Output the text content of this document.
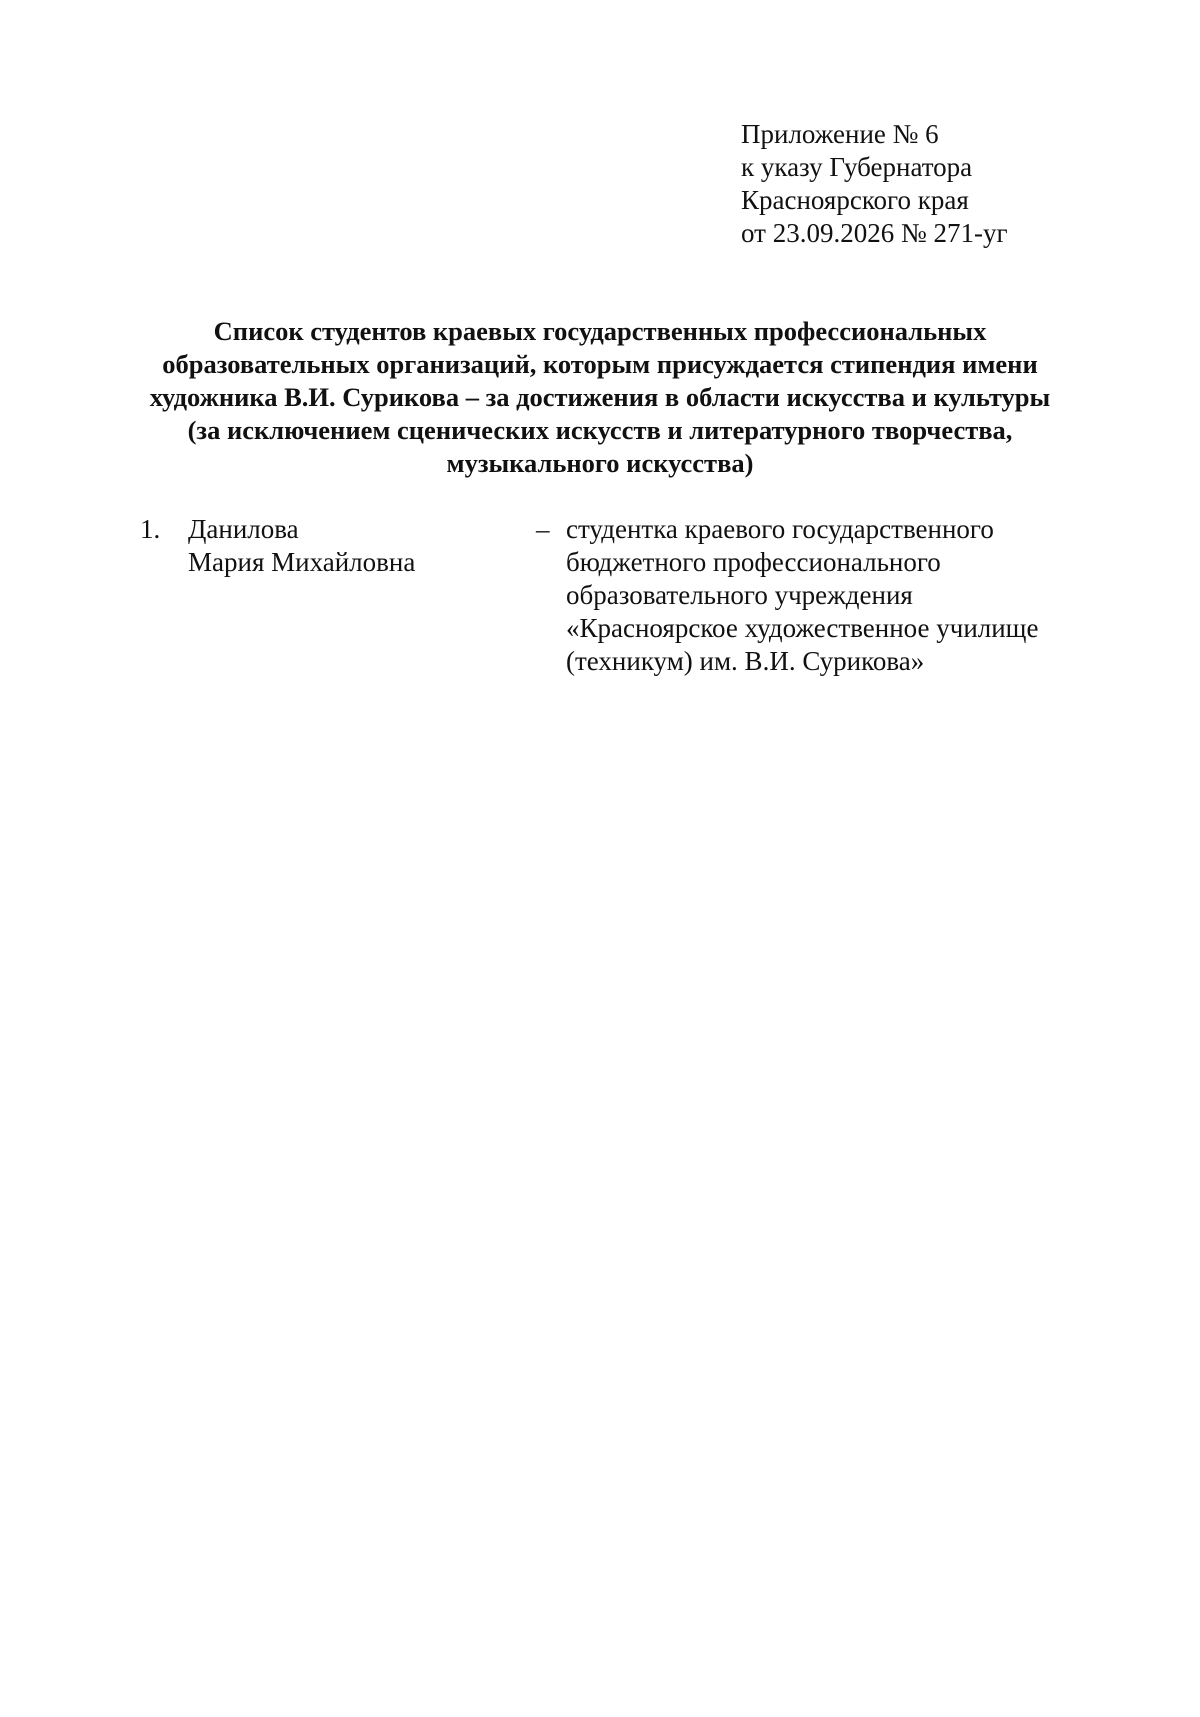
Приложение № 6
к указу Губернатора
Красноярского края
от 23.09.2026 № 271-уг
Список студентов краевых государственных профессиональных
образовательных организаций, которым присуждается стипендия имени
художника В.И. Сурикова – за достижения в области искусства и культуры
(за исключением сценических искусств и литературного творчества,
музыкального искусства)
1. Данилова
Мария Михайловна
– студентка краевого государственного
бюджетного профессионального
образовательного учреждения
«Красноярское художественное училище
(техникум) им. В.И. Сурикова»
